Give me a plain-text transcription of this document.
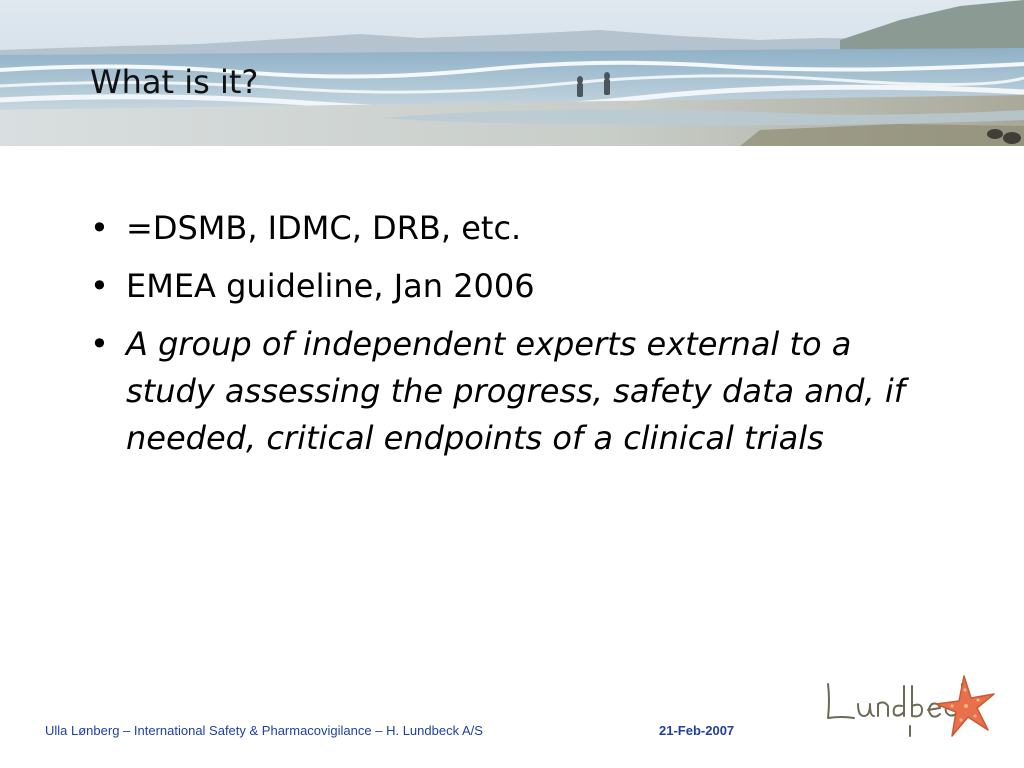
What is it?
• =DSMB, IDMC, DRB, etc.
• EMEA guideline, Jan 2006
• A group of independent experts external to a study assessing the progress, safety data and, if needed, critical endpoints of a clinical trials
Ulla Lønberg – International Safety & Pharmacovigilance – H. Lundbeck A/S	21-Feb-2007
